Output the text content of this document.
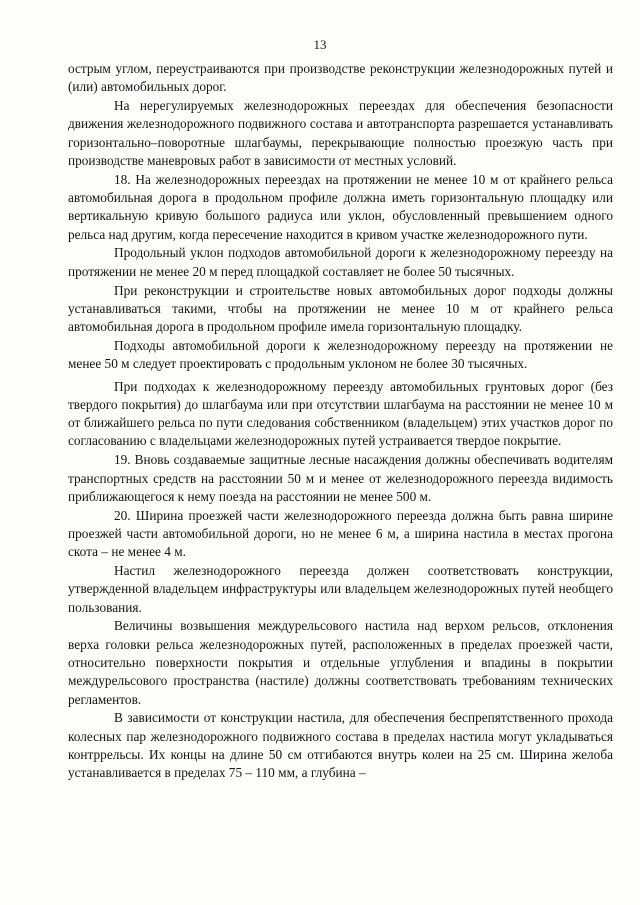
13

острым углом, переустраиваются при производстве реконструкции железнодорожных путей и (или) автомобильных дорог.

На нерегулируемых железнодорожных переездах для обеспечения безопасности движения железнодорожного подвижного состава и автотранспорта разрешается устанавливать горизонтально–поворотные шлагбаумы, перекрывающие полностью проезжую часть при производстве маневровых работ в зависимости от местных условий.

18. На железнодорожных переездах на протяжении не менее 10 м от крайнего рельса автомобильная дорога в продольном профиле должна иметь горизонтальную площадку или вертикальную кривую большого радиуса или уклон, обусловленный превышением одного рельса над другим, когда пересечение находится в кривом участке железнодорожного пути.

Продольный уклон подходов автомобильной дороги к железнодорожному переезду на протяжении не менее 20 м перед площадкой составляет не более 50 тысячных.

При реконструкции и строительстве новых автомобильных дорог подходы должны устанавливаться такими, чтобы на протяжении не менее 10 м от крайнего рельса автомобильная дорога в продольном профиле имела горизонтальную площадку.

Подходы автомобильной дороги к железнодорожному переезду на протяжении не менее 50 м следует проектировать с продольным уклоном не более 30 тысячных.

При подходах к железнодорожному переезду автомобильных грунтовых дорог (без твердого покрытия) до шлагбаума или при отсутствии шлагбаума на расстоянии не менее 10 м от ближайшего рельса по пути следования собственником (владельцем) этих участков дорог по согласованию с владельцами железнодорожных путей устраивается твердое покрытие.

19. Вновь создаваемые защитные лесные насаждения должны обеспечивать водителям транспортных средств на расстоянии 50 м и менее от железнодорожного переезда видимость приближающегося к нему поезда на расстоянии не менее 500 м.

20. Ширина проезжей части железнодорожного переезда должна быть равна ширине проезжей части автомобильной дороги, но не менее 6 м, а ширина настила в местах прогона скота – не менее 4 м.

Настил железнодорожного переезда должен соответствовать конструкции, утвержденной владельцем инфраструктуры или владельцем железнодорожных путей необщего пользования.

Величины возвышения междурельсового настила над верхом рельсов, отклонения верха головки рельса железнодорожных путей, расположенных в пределах проезжей части, относительно поверхности покрытия и отдельные углубления и впадины в покрытии междурельсового пространства (настиле) должны соответствовать требованиям технических регламентов.

В зависимости от конструкции настила, для обеспечения беспрепятственного прохода колесных пар железнодорожного подвижного состава в пределах настила могут укладываться контррельсы. Их концы на длине 50 см отгибаются внутрь колеи на 25 см. Ширина желоба устанавливается в пределах 75 – 110 мм, а глубина –
